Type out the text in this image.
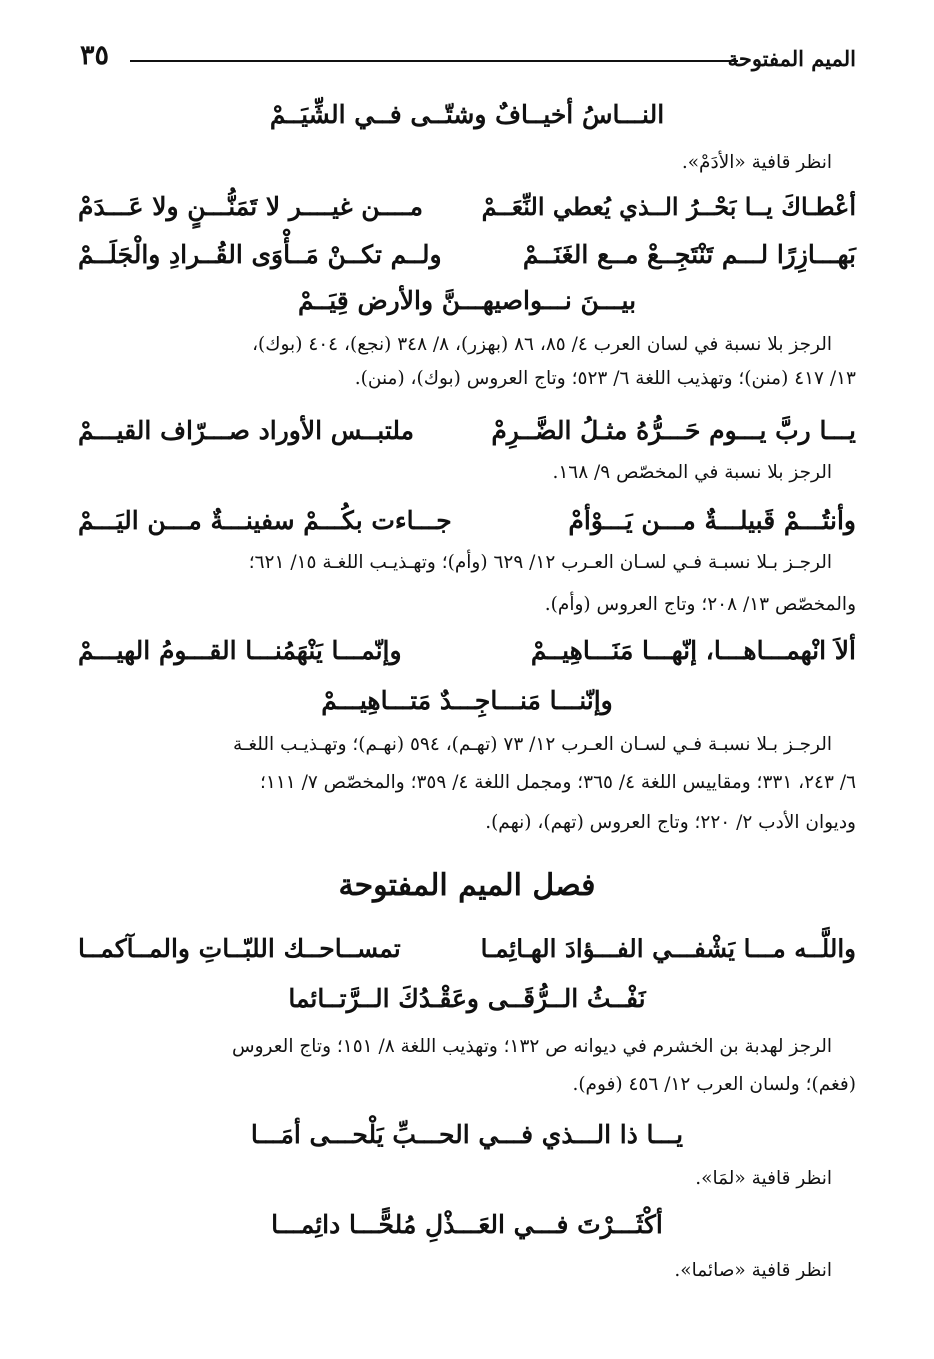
الميم المفتوحة
٣٥
النـــاسُ أخيــافٌ وشتّــى فــي الشِّيَــمْ
انظر قافية «الأدَمْ».
أعْطـاكَ يــا بَحْــرُ الــذي يُعطي النِّعَــمْ
مــــن غيــــر لا تَمَنُّـــنٍ ولا عَـــدَمْ
بَهـــازِرًا لـــم تَنْتَجِــعْ مــع الغَنَــمْ
ولــم تكــنْ مَــأْوَى القُــرادِ والْجَلَــمْ
بيـــنَ نـــواصيهـــنَّ والأرض قِيَــمْ
الرجز بلا نسبة في لسان العرب ٤/ ٨٥، ٨٦ (بهزر)، ٨/ ٣٤٨ (نجع)، ٤٠٤ (بوك)،
١٣/ ٤١٧ (منن)؛ وتهذيب اللغة ٦/ ٥٢٣؛ وتاج العروس (بوك)، (منن).
يـــا ربَّ يـــوم حَـــرُّهُ مثـلُ الضَّــرِمْ
ملتبــس الأوراد صـــرّاف القيـــمْ
الرجز بلا نسبة في المخصّص ٩/ ١٦٨.
وأنتُـــمْ قَبيلـــةٌ مـــن يَـــوْأمْ
جـــاءت بكُـــمْ سفينـــةٌ مـــن اليَـــمْ
الرجـز بـلا نسبـة فـي لسـان العـرب ١٢/ ٦٢٩ (وأم)؛ وتهـذيـب اللغـة ١٥/ ٦٢١؛
والمخصّص ١٣/ ٢٠٨؛ وتاج العروس (وأم).
ألاَ انْهمـــاهـــا، إنّهـــا مَنَـــاهِيــمْ
وإنّمـــا يَنْهَمُنـــا القـــومُ الهيـــمْ
وإنّنـــا مَنـــاجِـــدٌ مَتـــاهِيـــمْ
الرجـز بـلا نسبـة فـي لسـان العـرب ١٢/ ٧٣ (تهـم)، ٥٩٤ (نهـم)؛ وتهـذيـب اللغـة
٦/ ٢٤٣، ٣٣١؛ ومقاييس اللغة ٤/ ٣٦٥؛ ومجمل اللغة ٤/ ٣٥٩؛ والمخصّص ٧/ ١١١؛
وديوان الأدب ٢/ ٢٢٠؛ وتاج العروس (تهم)، (نهم).
فصل الميم المفتوحة
واللَّــه مـــا يَشْفـــي الفـــؤادَ الهـائِمـا
تمســاحــك اللبّــاتِ والمــآكمــا
نَفْــثُ الــرُّقَــى وعَقْـدُكَ الــرَّتــائما
الرجز لهدبة بن الخشرم في ديوانه ص ١٣٢؛ وتهذيب اللغة ٨/ ١٥١؛ وتاج العروس
(فغم)؛ ولسان العرب ١٢/ ٤٥٦ (فوم).
يـــا ذا الـــذي فـــي الحـــبِّ يَلْحـــى أمَـــا
انظر قافية «لمَا».
أكْثَـــرْتَ فـــي العَـــذْلِ مُلحًّـــا دائِمـــا
انظر قافية «صائما».
